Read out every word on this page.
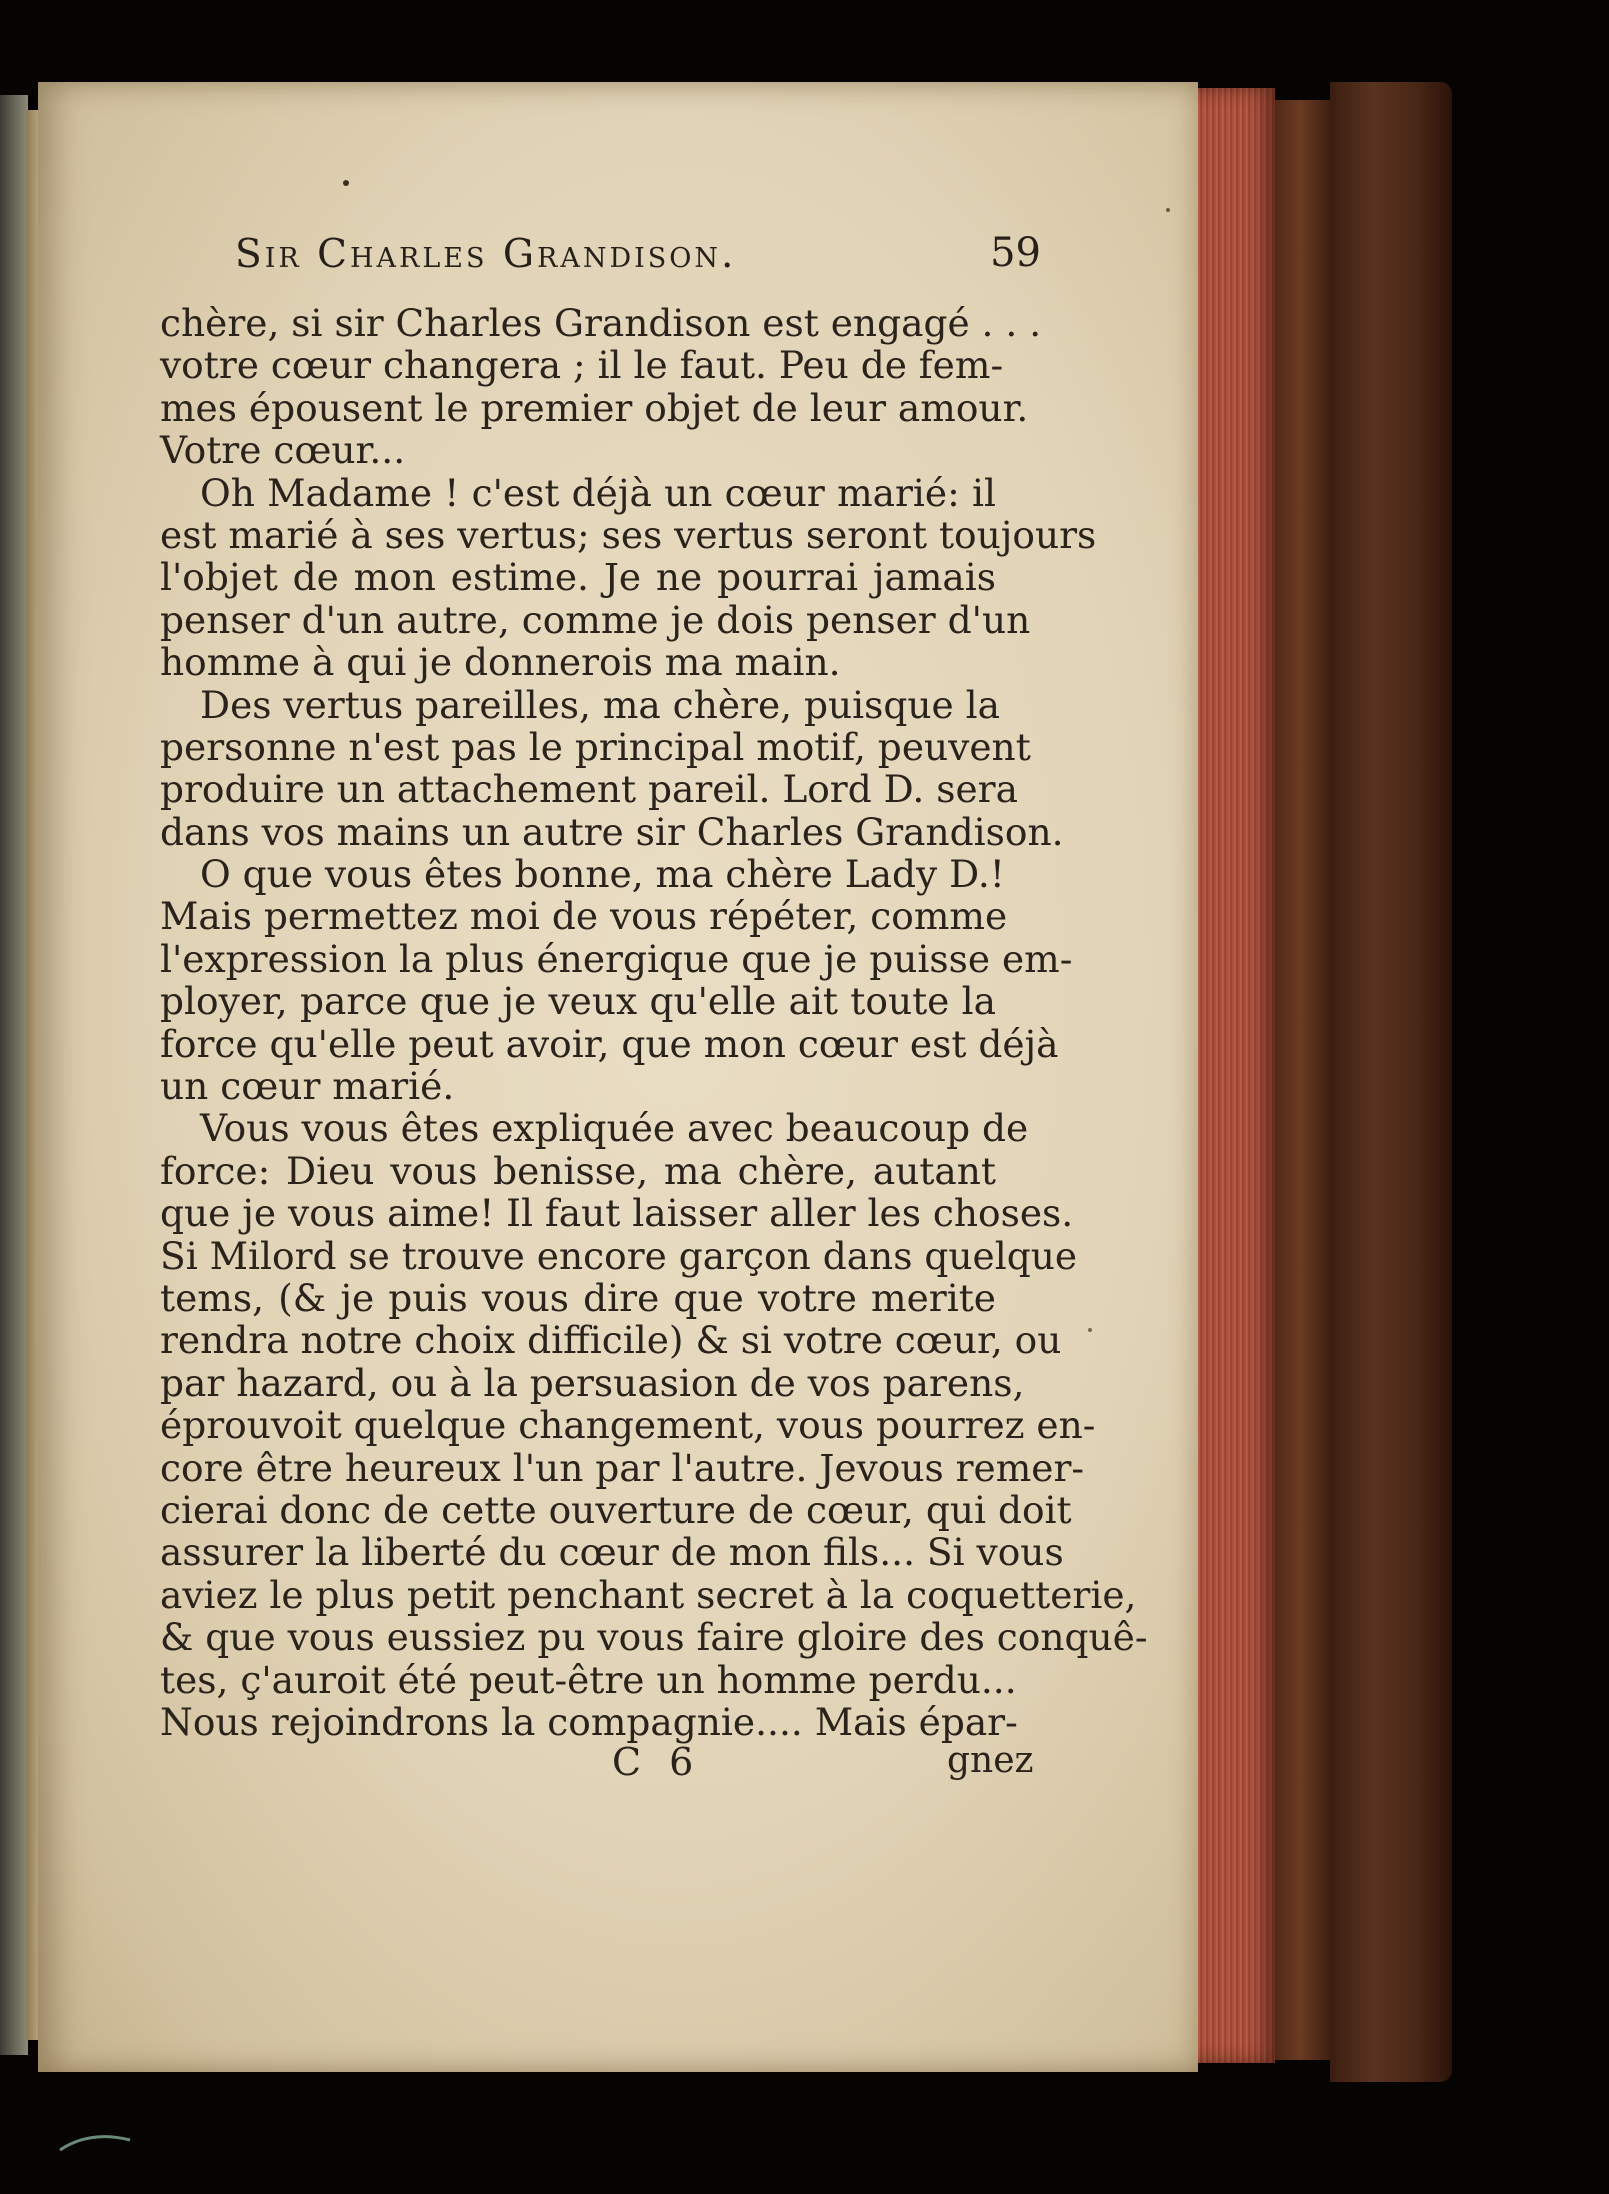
Sir Charles Grandison.	59
chère, si sir Charles Grandison est engagé . . .
votre cœur changera ; il le faut. Peu de fem-
mes épousent le premier objet de leur amour.
Votre cœur...
Oh Madame ! c'est déjà un cœur marié: il
est marié à ses vertus; ses vertus seront toujours
l'objet de mon estime. Je ne pourrai jamais
penser d'un autre, comme je dois penser d'un
homme à qui je donnerois ma main.
Des vertus pareilles, ma chère, puisque la
personne n'est pas le principal motif, peuvent
produire un attachement pareil. Lord D. sera
dans vos mains un autre sir Charles Grandison.
O que vous êtes bonne, ma chère Lady D.!
Mais permettez moi de vous répéter, comme
l'expression la plus énergique que je puisse em-
ployer, parce que je veux qu'elle ait toute la
force qu'elle peut avoir, que mon cœur est déjà
un cœur marié.
Vous vous êtes expliquée avec beaucoup de
force: Dieu vous benisse, ma chère, autant
que je vous aime! Il faut laisser aller les choses.
Si Milord se trouve encore garçon dans quelque
tems, (& je puis vous dire que votre merite
rendra notre choix difficile) & si votre cœur, ou
par hazard, ou à la persuasion de vos parens,
éprouvoit quelque changement, vous pourrez en-
core être heureux l'un par l'autre. Jevous remer-
cierai donc de cette ouverture de cœur, qui doit
assurer la liberté du cœur de mon fils... Si vous
aviez le plus petit penchant secret à la coquetterie,
& que vous eussiez pu vous faire gloire des conquê-
tes, ç'auroit été peut-être un homme perdu...
Nous rejoindrons la compagnie.... Mais épar-
C 6	gnez
